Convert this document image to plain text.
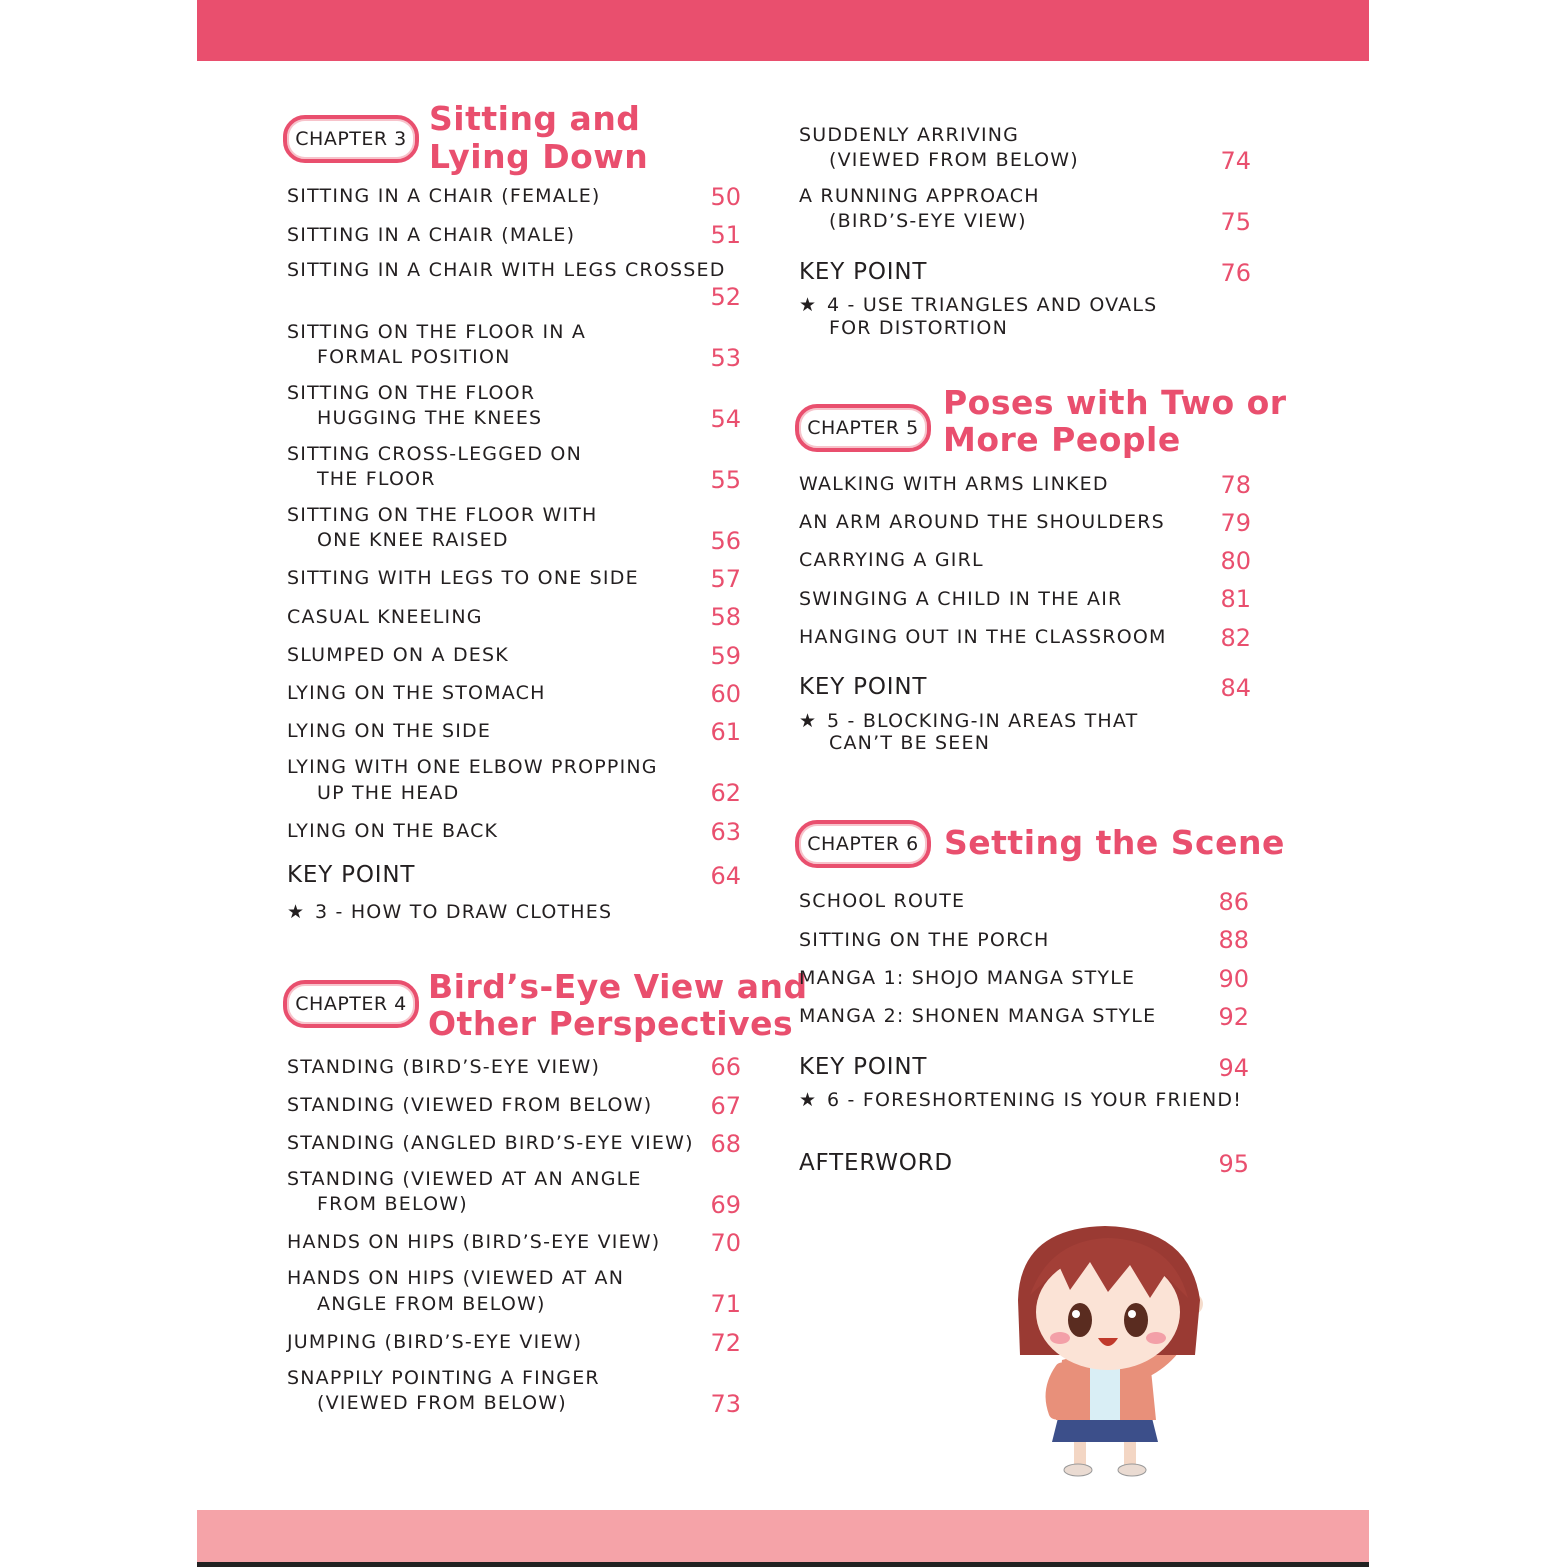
CHAPTER 3
Sitting and
Lying Down
SITTING IN A CHAIR (FEMALE)	50
SITTING IN A CHAIR (MALE)	51
SITTING IN A CHAIR WITH LEGS CROSSED
52
SITTING ON THE FLOOR IN A
FORMAL POSITION	53
SITTING ON THE FLOOR
HUGGING THE KNEES	54
SITTING CROSS-LEGGED ON
THE FLOOR	55
SITTING ON THE FLOOR WITH
ONE KNEE RAISED	56
SITTING WITH LEGS TO ONE SIDE	57
CASUAL KNEELING	58
SLUMPED ON A DESK	59
LYING ON THE STOMACH	60
LYING ON THE SIDE	61
LYING WITH ONE ELBOW PROPPING
UP THE HEAD	62
LYING ON THE BACK	63
KEY POINT	64
★ 3 - HOW TO DRAW CLOTHES
CHAPTER 4 Bird’s-Eye View and
Other Perspectives
STANDING (BIRD’S-EYE VIEW)	66
STANDING (VIEWED FROM BELOW)	67
STANDING (ANGLED BIRD’S-EYE VIEW) 68
STANDING (VIEWED AT AN ANGLE
FROM BELOW)	69
HANDS ON HIPS (BIRD’S-EYE VIEW)	70
HANDS ON HIPS (VIEWED AT AN
ANGLE FROM BELOW)	71
JUMPING (BIRD’S-EYE VIEW)	72
SNAPPILY POINTING A FINGER
(VIEWED FROM BELOW)	73
SUDDENLY ARRIVING
(VIEWED FROM BELOW)	74
A RUNNING APPROACH
(BIRD’S-EYE VIEW)	75
KEY POINT	76
★ 4 - USE TRIANGLES AND OVALS
FOR DISTORTION
CHAPTER 5
Poses with Two or
More People
WALKING WITH ARMS LINKED	78
AN ARM AROUND THE SHOULDERS	79
CARRYING A GIRL	80
SWINGING A CHILD IN THE AIR	81
HANGING OUT IN THE CLASSROOM	82
KEY POINT	84
★ 5 - BLOCKING-IN AREAS THAT
CAN’T BE SEEN
CHAPTER 6 Setting the Scene
SCHOOL ROUTE	86
SITTING ON THE PORCH	88
MANGA 1: SHOJO MANGA STYLE	90
MANGA 2: SHONEN MANGA STYLE	92
KEY POINT	94
★ 6 - FORESHORTENING IS YOUR FRIEND!
AFTERWORD	95
